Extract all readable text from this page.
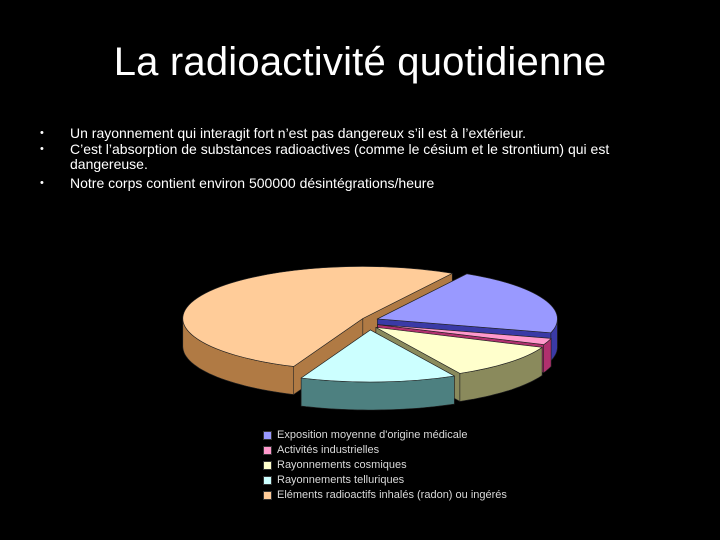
La radioactivité quotidienne
• Un rayonnement qui interagit fort n’est pas dangereux s’il est à l’extérieur.
• C’est l’absorption de substances radioactives (comme le césium et le strontium) qui est dangereuse.
• Notre corps contient environ 500000 désintégrations/heure
Exposition moyenne d'origine médicale
Activités industrielles
Rayonnements cosmiques
Rayonnements telluriques
Eléments radioactifs inhalés (radon) ou ingérés
